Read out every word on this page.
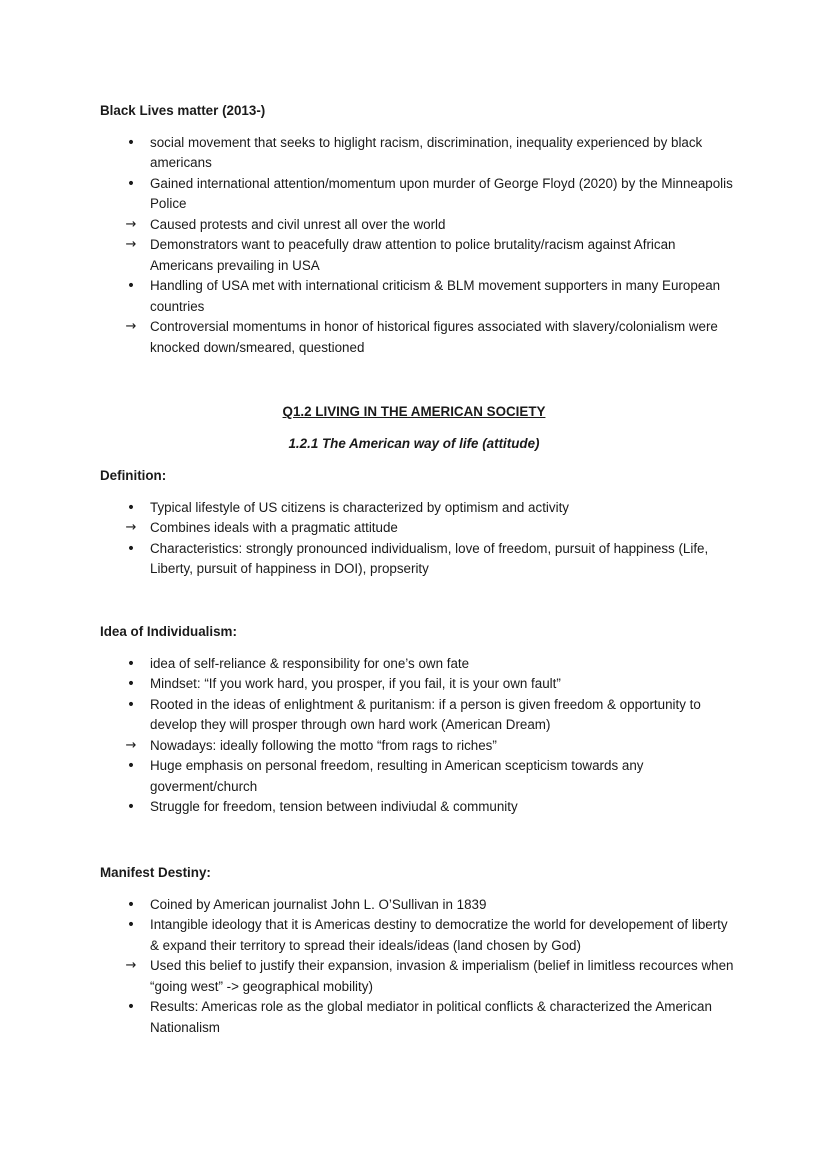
Black Lives matter (2013-)

•	social movement that seeks to higlight racism, discrimination, inequality experienced by black americans
•	Gained international attention/momentum upon murder of George Floyd (2020) by the Minneapolis Police
→	Caused protests and civil unrest all over the world
→	Demonstrators want to peacefully draw attention to police brutality/racism against African Americans prevailing in USA
•	Handling of USA met with international criticism & BLM movement supporters in many European countries
→	Controversial momentums in honor of historical figures associated with slavery/colonialism were knocked down/smeared, questioned

Q1.2 LIVING IN THE AMERICAN SOCIETY

1.2.1 The American way of life (attitude)

Definition:

•	Typical lifestyle of US citizens is characterized by optimism and activity
→	Combines ideals with a pragmatic attitude
•	Characteristics: strongly pronounced individualism, love of freedom, pursuit of happiness (Life, Liberty, pursuit of happiness in DOI), propserity

Idea of Individualism:

•	idea of self-reliance & responsibility for one’s own fate
•	Mindset: “If you work hard, you prosper, if you fail, it is your own fault”
•	Rooted in the ideas of enlightment & puritanism: if a person is given freedom & opportunity to develop they will prosper through own hard work (American Dream)
→	Nowadays: ideally following the motto “from rags to riches”
•	Huge emphasis on personal freedom, resulting in American scepticism towards any goverment/church
•	Struggle for freedom, tension between indiviudal & community

Manifest Destiny:

•	Coined by American journalist John L. O’Sullivan in 1839
•	Intangible ideology that it is Americas destiny to democratize the world for developement of liberty & expand their territory to spread their ideals/ideas (land chosen by God)
→	Used this belief to justify their expansion, invasion & imperialism (belief in limitless recources when “going west” -> geographical mobility)
•	Results: Americas role as the global mediator in political conflicts & characterized the American Nationalism
